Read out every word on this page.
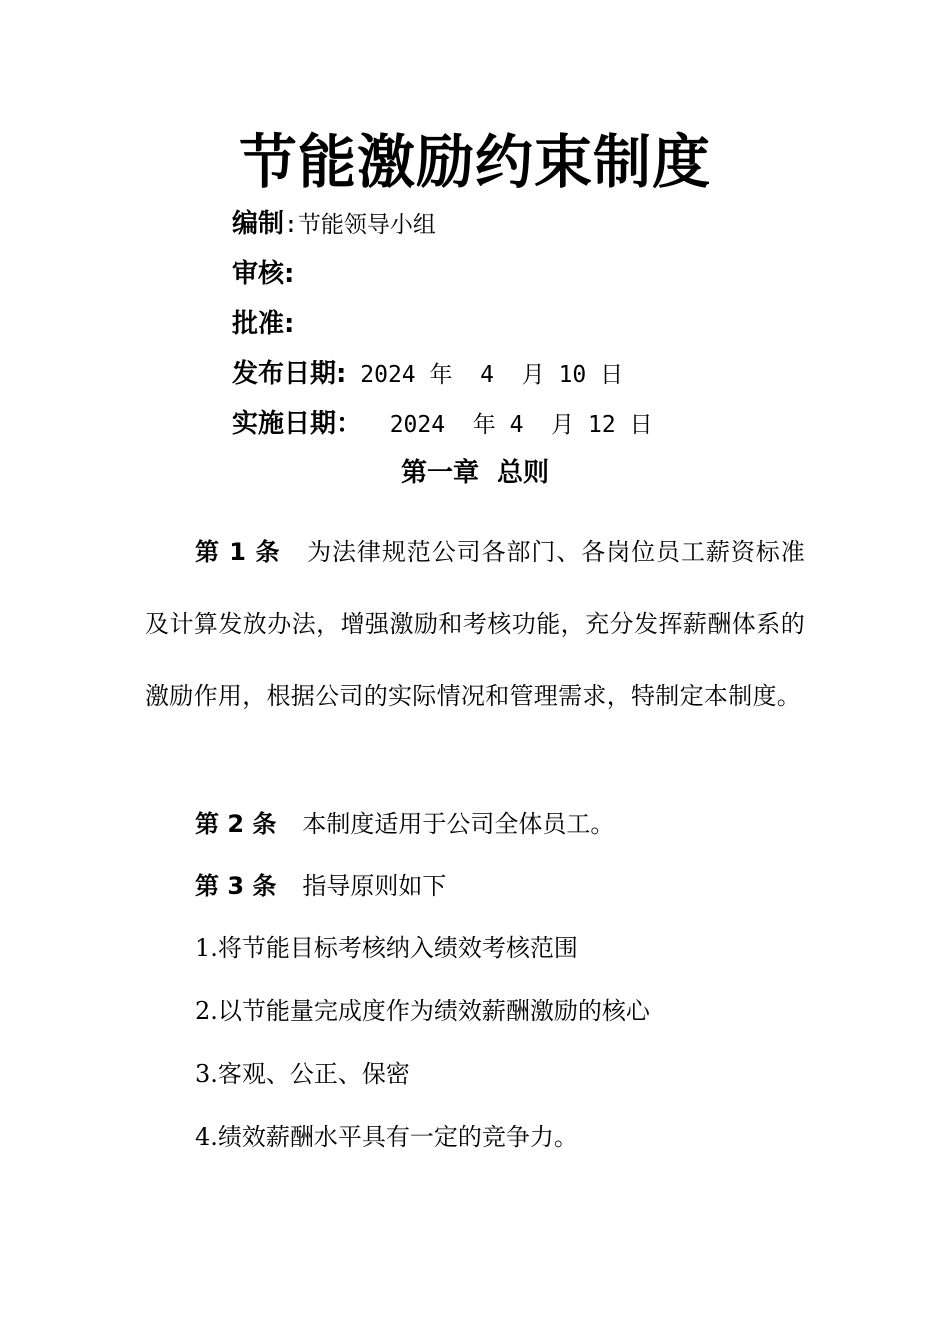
节能激励约束制度
编制:节能领导小组
审核:
批准:
发布日期: 2024 年  4  月 10 日
实施日期：  2024  年 4  月 12 日
第一章  总则
第 1 条 为法律规范公司各部门、各岗位员工薪资标准及计算发放办法，增强激励和考核功能，充分发挥薪酬体系的激励作用，根据公司的实际情况和管理需求，特制定本制度。
第 2 条 本制度适用于公司全体员工。
第 3 条 指导原则如下
1.将节能目标考核纳入绩效考核范围
2.以节能量完成度作为绩效薪酬激励的核心
3.客观、公正、保密
4.绩效薪酬水平具有一定的竞争力。
